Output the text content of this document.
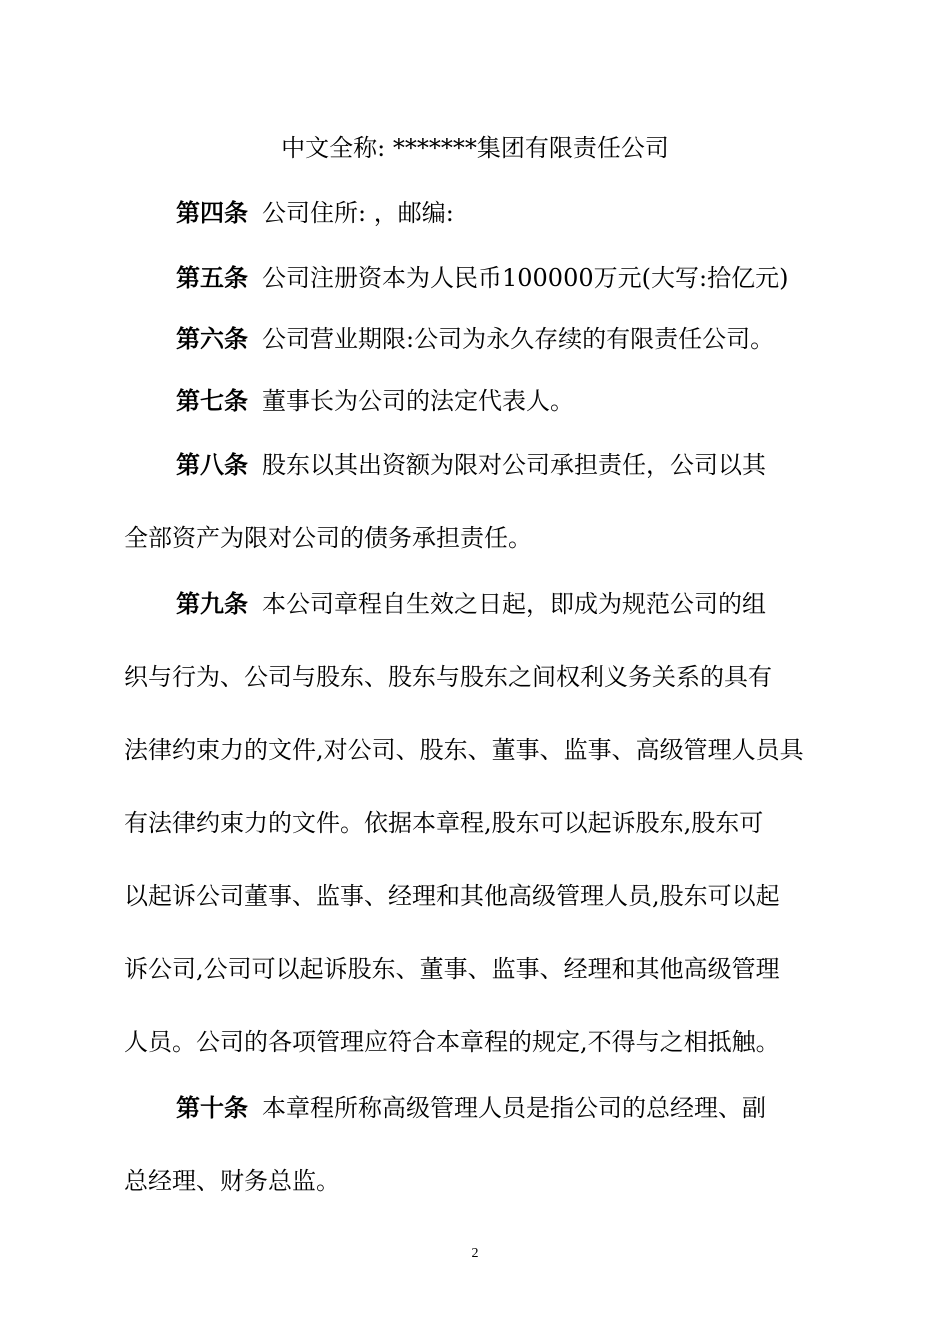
中文全称: *******集团有限责任公司
第四条 公司住所: ，邮编:
第五条 公司注册资本为人民币100000万元(大写:拾亿元)
第六条 公司营业期限:公司为永久存续的有限责任公司。
第七条 董事长为公司的法定代表人。
第八条 股东以其出资额为限对公司承担责任，公司以其
全部资产为限对公司的债务承担责任。
第九条 本公司章程自生效之日起，即成为规范公司的组
织与行为、公司与股东、股东与股东之间权利义务关系的具有
法律约束力的文件,对公司、股东、董事、监事、高级管理人员具
有法律约束力的文件。依据本章程,股东可以起诉股东,股东可
以起诉公司董事、监事、经理和其他高级管理人员,股东可以起
诉公司,公司可以起诉股东、董事、监事、经理和其他高级管理
人员。公司的各项管理应符合本章程的规定,不得与之相抵触。
第十条 本章程所称高级管理人员是指公司的总经理、副
总经理、财务总监。
2
